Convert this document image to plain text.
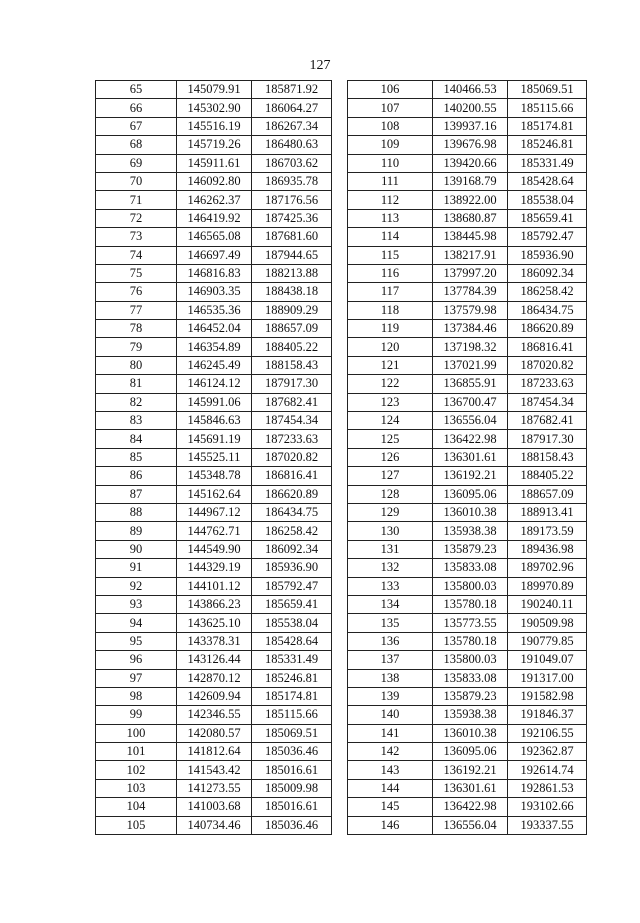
127
65	145079.91	185871.92
66	145302.90	186064.27
67	145516.19	186267.34
68	145719.26	186480.63
69	145911.61	186703.62
70	146092.80	186935.78
71	146262.37	187176.56
72	146419.92	187425.36
73	146565.08	187681.60
74	146697.49	187944.65
75	146816.83	188213.88
76	146903.35	188438.18
77	146535.36	188909.29
78	146452.04	188657.09
79	146354.89	188405.22
80	146245.49	188158.43
81	146124.12	187917.30
82	145991.06	187682.41
83	145846.63	187454.34
84	145691.19	187233.63
85	145525.11	187020.82
86	145348.78	186816.41
87	145162.64	186620.89
88	144967.12	186434.75
89	144762.71	186258.42
90	144549.90	186092.34
91	144329.19	185936.90
92	144101.12	185792.47
93	143866.23	185659.41
94	143625.10	185538.04
95	143378.31	185428.64
96	143126.44	185331.49
97	142870.12	185246.81
98	142609.94	185174.81
99	142346.55	185115.66
100	142080.57	185069.51
101	141812.64	185036.46
102	141543.42	185016.61
103	141273.55	185009.98
104	141003.68	185016.61
105	140734.46	185036.46
106	140466.53	185069.51
107	140200.55	185115.66
108	139937.16	185174.81
109	139676.98	185246.81
110	139420.66	185331.49
111	139168.79	185428.64
112	138922.00	185538.04
113	138680.87	185659.41
114	138445.98	185792.47
115	138217.91	185936.90
116	137997.20	186092.34
117	137784.39	186258.42
118	137579.98	186434.75
119	137384.46	186620.89
120	137198.32	186816.41
121	137021.99	187020.82
122	136855.91	187233.63
123	136700.47	187454.34
124	136556.04	187682.41
125	136422.98	187917.30
126	136301.61	188158.43
127	136192.21	188405.22
128	136095.06	188657.09
129	136010.38	188913.41
130	135938.38	189173.59
131	135879.23	189436.98
132	135833.08	189702.96
133	135800.03	189970.89
134	135780.18	190240.11
135	135773.55	190509.98
136	135780.18	190779.85
137	135800.03	191049.07
138	135833.08	191317.00
139	135879.23	191582.98
140	135938.38	191846.37
141	136010.38	192106.55
142	136095.06	192362.87
143	136192.21	192614.74
144	136301.61	192861.53
145	136422.98	193102.66
146	136556.04	193337.55
